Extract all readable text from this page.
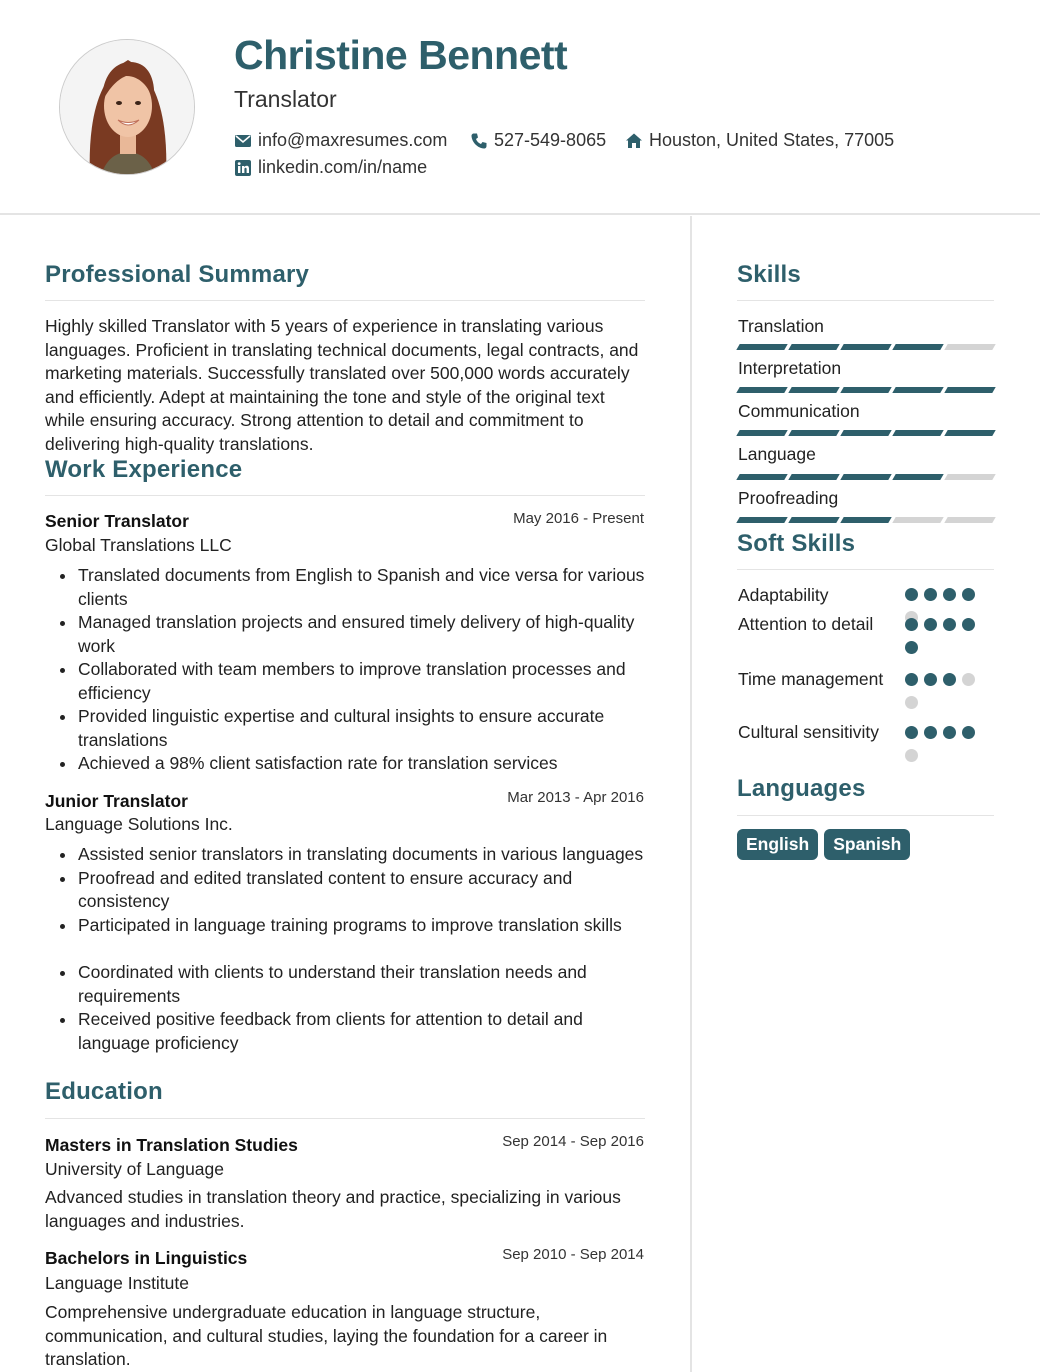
Christine Bennett
Translator
info@maxresumes.com	527-549-8065 Houston, United States, 77005
linkedin.com/in/name
Professional Summary
Highly skilled Translator with 5 years of experience in translating various languages. Proficient in translating technical documents, legal contracts, and marketing materials. Successfully translated over 500,000 words accurately and efficiently. Adept at maintaining the tone and style of the original text while ensuring accuracy. Strong attention to detail and commitment to delivering high-quality translations.
Work Experience
Senior Translator	May 2016 - Present
Global Translations LLC
Translated documents from English to Spanish and vice versa for various clients
Managed translation projects and ensured timely delivery of high-quality work
Collaborated with team members to improve translation processes and efficiency
Provided linguistic expertise and cultural insights to ensure accurate translations
Achieved a 98% client satisfaction rate for translation services
Junior Translator	Mar 2013 - Apr 2016
Language Solutions Inc.
Assisted senior translators in translating documents in various languages
Proofread and edited translated content to ensure accuracy and consistency
Participated in language training programs to improve translation skills
Coordinated with clients to understand their translation needs and requirements
Received positive feedback from clients for attention to detail and language proficiency
Education
Masters in Translation Studies	Sep 2014 - Sep 2016
University of Language
Advanced studies in translation theory and practice, specializing in various languages and industries.
Bachelors in Linguistics	Sep 2010 - Sep 2014
Language Institute
Comprehensive undergraduate education in language structure, communication, and cultural studies, laying the foundation for a career in translation.
Skills
Translation
Interpretation
Communication
Language
Proofreading
Soft Skills
Adaptability
Attention to detail
Time management
Cultural sensitivity
Languages
English	Spanish
